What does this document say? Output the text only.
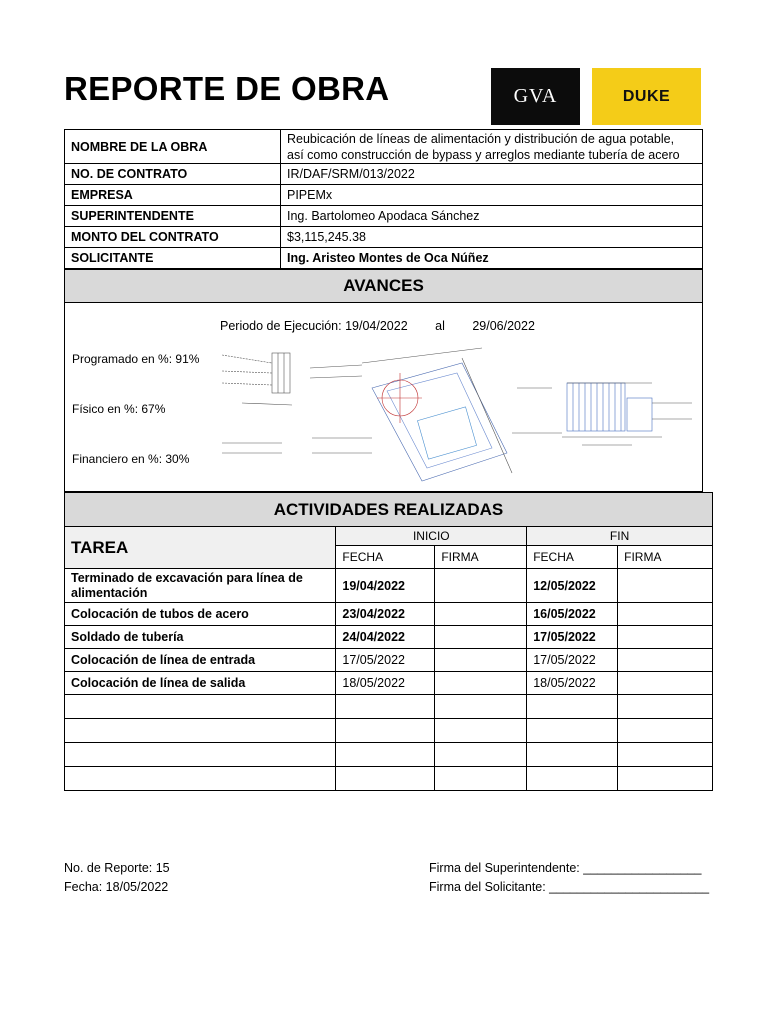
REPORTE DE OBRA	GVA	DUKE
NOMBRE DE LA OBRA	Reubicación de líneas de alimentación y distribución de agua potable,
así como construcción de bypass y arreglos mediante tubería de acero

NO. DE CONTRATO	IR/DAF/SRM/013/2022
EMPRESA	PIPEMx
SUPERINTENDENTE	Ing. Bartolomeo Apodaca Sánchez
MONTO DEL CONTRATO	$3,115,245.38
SOLICITANTE	Ing. Aristeo Montes de Oca Núñez
AVANCES
Periodo de Ejecución: 19/04/2022 al 29/06/2022
Programado en %: 91%
Físico en %: 67%
Financiero en %: 30%
ACTIVIDADES REALIZADAS				
TAREA	INICIO		FIN	
	FECHA	FIRMA	FECHA	FIRMA
Terminado de excavación para línea de alimentación	19/04/2022		12/05/2022	
Colocación de tubos de acero	23/04/2022		16/05/2022	
Soldado de tubería	24/04/2022		17/05/2022	
Colocación de línea de entrada	17/05/2022		17/05/2022	
Colocación de línea de salida	18/05/2022		18/05/2022	

No. de Reporte: 15
Fecha: 18/05/2022
Firma del Superintendente: _________________
Firma del Solicitante: _______________________
